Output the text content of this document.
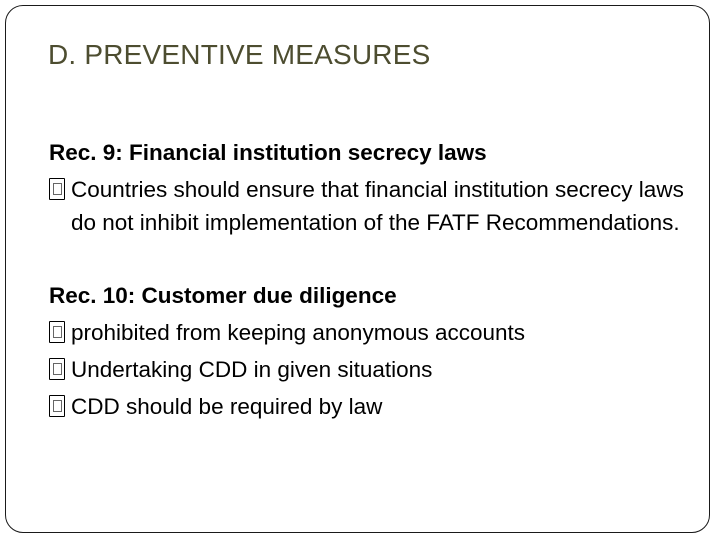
D. PREVENTIVE MEASURES
Rec. 9: Financial institution secrecy laws
Countries should ensure that financial institution secrecy laws do not inhibit implementation of the FATF Recommendations.
Rec. 10: Customer due diligence
prohibited from keeping anonymous accounts
Undertaking CDD in given situations
CDD should be required by law
